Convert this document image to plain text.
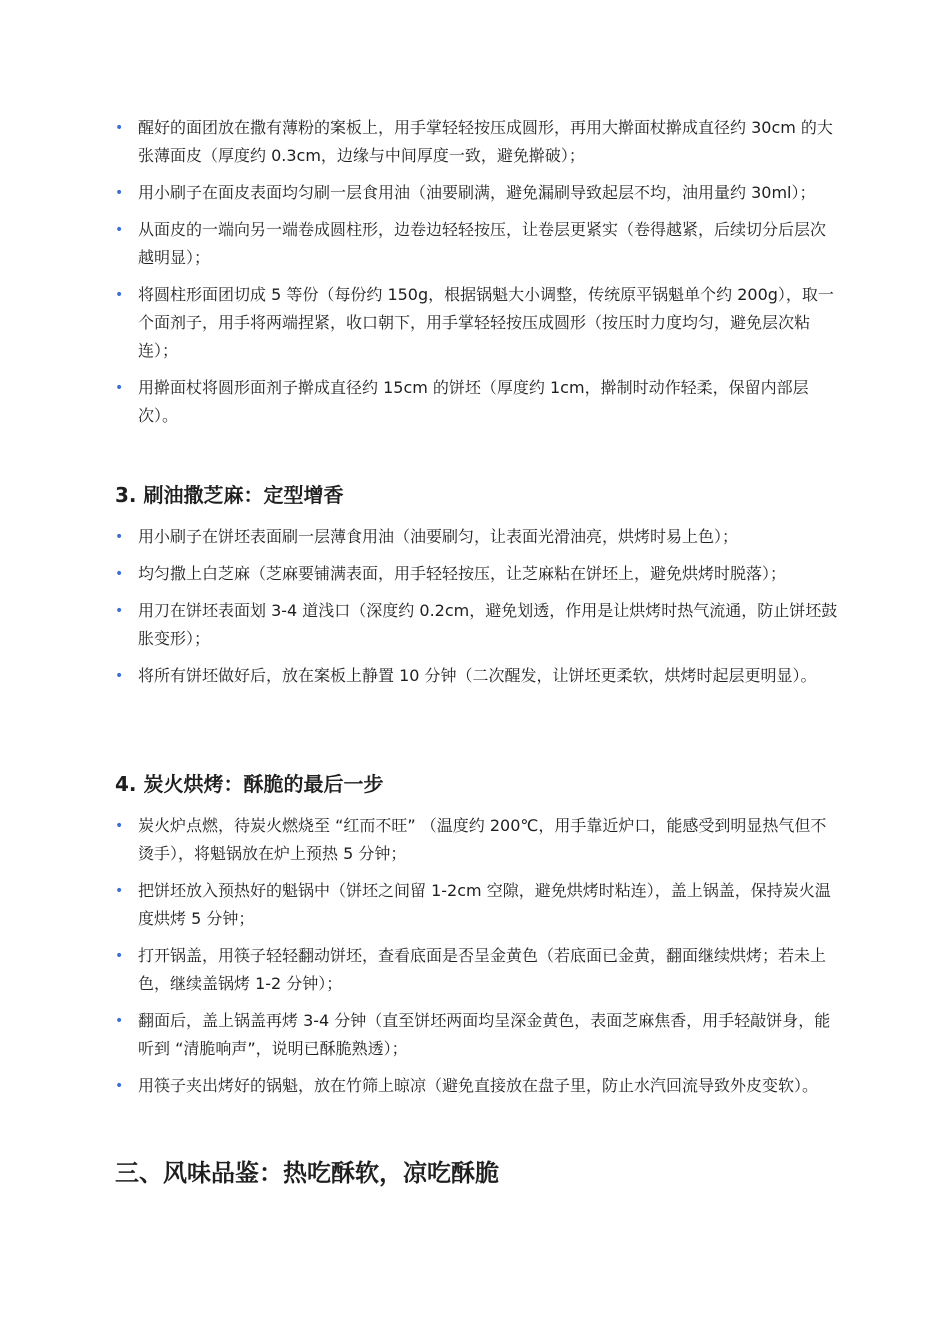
• 醒好的面团放在撒有薄粉的案板上，用手掌轻轻按压成圆形，再用大擀面杖擀成直径约 30cm 的大张薄面皮（厚度约 0.3cm，边缘与中间厚度一致，避免擀破）；
• 用小刷子在面皮表面均匀刷一层食用油（油要刷满，避免漏刷导致起层不均，油用量约 30ml）；
• 从面皮的一端向另一端卷成圆柱形，边卷边轻轻按压，让卷层更紧实（卷得越紧，后续切分后层次越明显）；
• 将圆柱形面团切成 5 等份（每份约 150g，根据锅魁大小调整，传统原平锅魁单个约 200g），取一个面剂子，用手将两端捏紧，收口朝下，用手掌轻轻按压成圆形（按压时力度均匀，避免层次粘连）；
• 用擀面杖将圆形面剂子擀成直径约 15cm 的饼坯（厚度约 1cm，擀制时动作轻柔，保留内部层次）。
3. 刷油撒芝麻：定型增香
• 用小刷子在饼坯表面刷一层薄食用油（油要刷匀，让表面光滑油亮，烘烤时易上色）；
• 均匀撒上白芝麻（芝麻要铺满表面，用手轻轻按压，让芝麻粘在饼坯上，避免烘烤时脱落）；
• 用刀在饼坯表面划 3-4 道浅口（深度约 0.2cm，避免划透，作用是让烘烤时热气流通，防止饼坯鼓胀变形）；
• 将所有饼坯做好后，放在案板上静置 10 分钟（二次醒发，让饼坯更柔软，烘烤时起层更明显）。
4. 炭火烘烤：酥脆的最后一步
• 炭火炉点燃，待炭火燃烧至 “红而不旺” （温度约 200℃，用手靠近炉口，能感受到明显热气但不烫手），将魁锅放在炉上预热 5 分钟；
• 把饼坯放入预热好的魁锅中（饼坯之间留 1-2cm 空隙，避免烘烤时粘连），盖上锅盖，保持炭火温度烘烤 5 分钟；
• 打开锅盖，用筷子轻轻翻动饼坯，查看底面是否呈金黄色（若底面已金黄，翻面继续烘烤；若未上色，继续盖锅烤 1-2 分钟）；
• 翻面后，盖上锅盖再烤 3-4 分钟（直至饼坯两面均呈深金黄色，表面芝麻焦香，用手轻敲饼身，能听到 “清脆响声”，说明已酥脆熟透）；
• 用筷子夹出烤好的锅魁，放在竹筛上晾凉（避免直接放在盘子里，防止水汽回流导致外皮变软）。
三、风味品鉴：热吃酥软，凉吃酥脆
